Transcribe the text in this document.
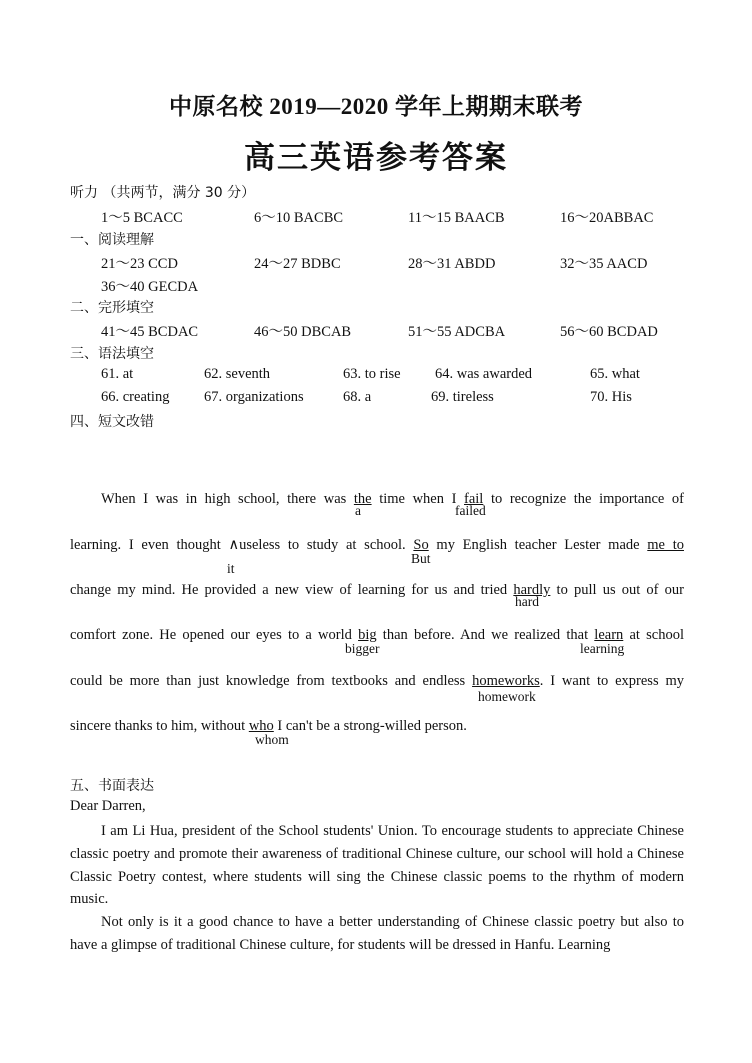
中原名校 2019—2020 学年上期期末联考
高三英语参考答案
听力 （共两节，满分 30 分）
1～5 BCACC	6～10 BACBC	11～15 BAACB	16～20ABBAC
一、阅读理解
21～23 CCD	24～27 BDBC	28～31 ABDD	32～35 AACD
36～40 GECDA
二、完形填空
41～45 BCDAC	46～50 DBCAB	51～55 ADCBA	56～60 BCDAD
三、语法填空
61. at	62. seventh	63. to rise 64. was awarded	65. what
66. creating 67. organizations	68. a	69. tireless	70. His
四、短文改错
When I was in high school, there was the time when I fail to recognize the importance of
a	failed
learning. I even thought ∧useless to study at school. So my English teacher Lester made me to
it
But
change my mind. He provided a new view of learning for us and tried hardly to pull us out of our
hard
comfort zone. He opened our eyes to a world big than before. And we realized that learn at school
bigger	learning
could be more than just knowledge from textbooks and endless homeworks. I want to express my
homework
sincere thanks to him, without who I can't be a strong-willed person.
whom
五、书面表达
Dear Darren,
I am Li Hua, president of the School students' Union. To encourage students to appreciate Chinese classic poetry and promote their awareness of traditional Chinese culture, our school will hold a Chinese Classic Poetry contest, where students will sing the Chinese classic poems to the rhythm of modern music.
Not only is it a good chance to have a better understanding of Chinese classic poetry but also to have a glimpse of traditional Chinese culture, for students will be dressed in Hanfu. Learning
